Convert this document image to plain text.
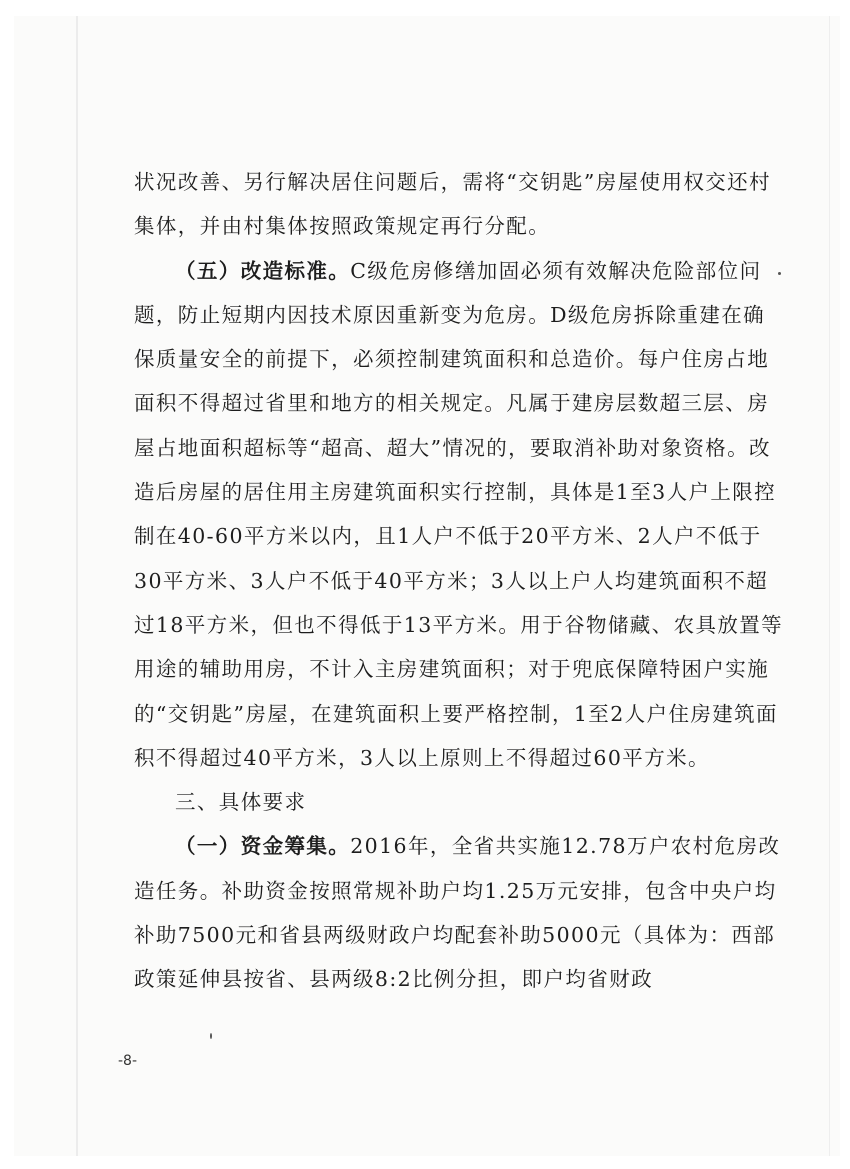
状况改善、另行解决居住问题后，需将“交钥匙”房屋使用权交还村集体，并由村集体按照政策规定再行分配。

（五）改造标准。C级危房修缮加固必须有效解决危险部位问题，防止短期内因技术原因重新变为危房。D级危房拆除重建在确保质量安全的前提下，必须控制建筑面积和总造价。每户住房占地面积不得超过省里和地方的相关规定。凡属于建房层数超三层、房屋占地面积超标等“超高、超大”情况的，要取消补助对象资格。改造后房屋的居住用主房建筑面积实行控制，具体是1至3人户上限控制在40-60平方米以内，且1人户不低于20平方米、2人户不低于30平方米、3人户不低于40平方米；3人以上户人均建筑面积不超过18平方米，但也不得低于13平方米。用于谷物储藏、农具放置等用途的辅助用房，不计入主房建筑面积；对于兜底保障特困户实施的“交钥匙”房屋，在建筑面积上要严格控制，1至2人户住房建筑面积不得超过40平方米，3人以上原则上不得超过60平方米。

三、具体要求

（一）资金筹集。2016年，全省共实施12.78万户农村危房改造任务。补助资金按照常规补助户均1.25万元安排，包含中央户均补助7500元和省县两级财政户均配套补助5000元（具体为：西部政策延伸县按省、县两级8:2比例分担，即户均省财政

-8-
